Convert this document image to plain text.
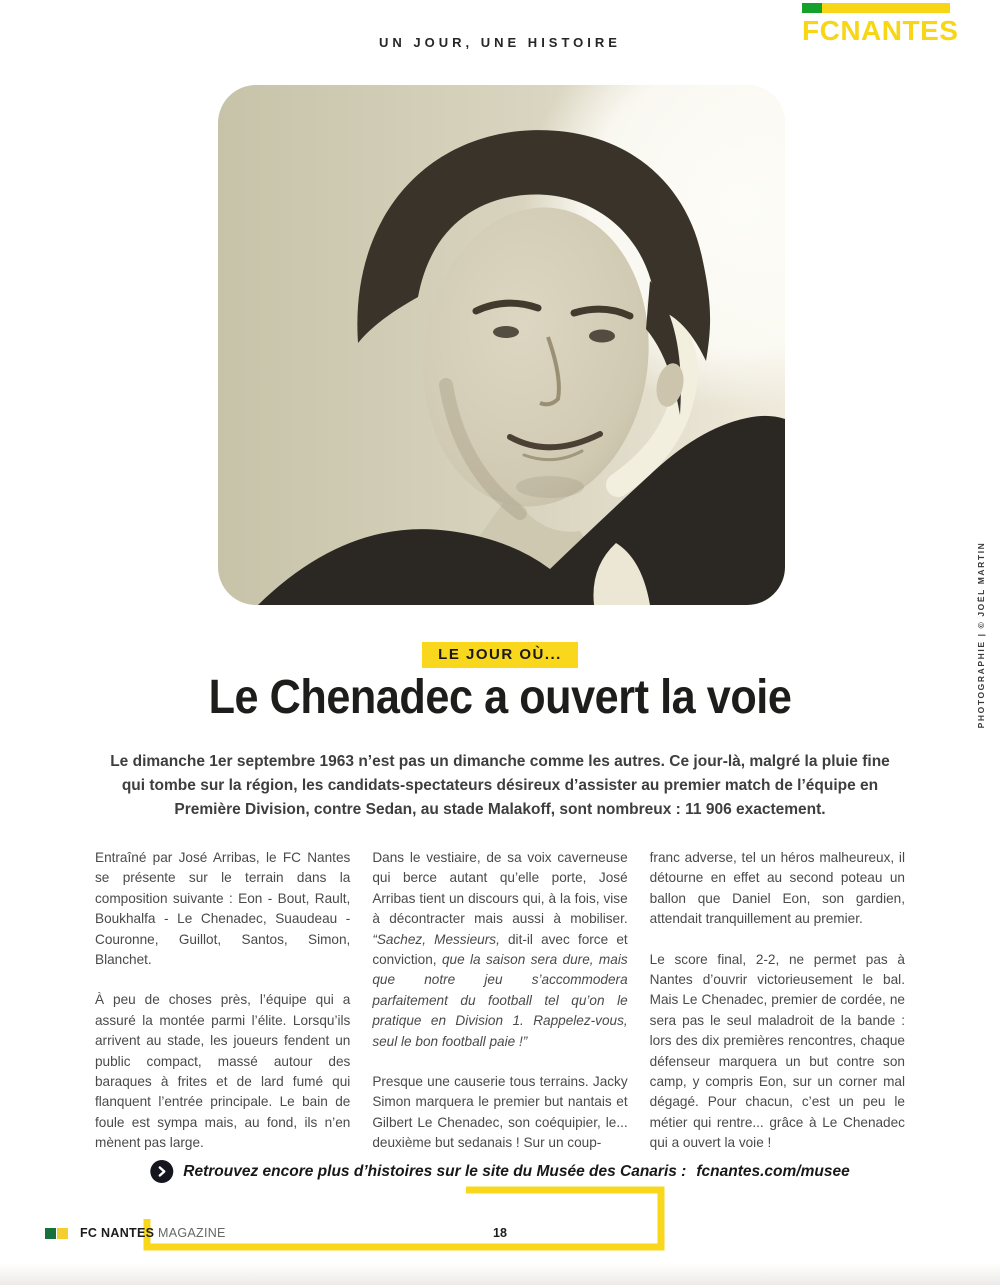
UN JOUR, UNE HISTOIRE	FCNANTES
PHOTOGRAPHIE | © JOËL MARTIN
LE JOUR OÙ...
Le Chenadec a ouvert la voie
Le dimanche 1er septembre 1963 n’est pas un dimanche comme les autres. Ce jour-là, malgré la pluie fine qui tombe sur la région, les candidats-spectateurs désireux d’assister au premier match de l’équipe en Première Division, contre Sedan, au stade Malakoff, sont nombreux : 11 906 exactement.

Entraîné par José Arribas, le FC Nantes se présente sur le terrain dans la composition suivante : Eon - Bout, Rault, Boukhalfa - Le Chenadec, Suaudeau - Couronne, Guillot, Santos, Simon, Blanchet.

À peu de choses près, l’équipe qui a assuré la montée parmi l’élite. Lorsqu’ils arrivent au stade, les joueurs fendent un public compact, massé autour des baraques à frites et de lard fumé qui flanquent l’entrée principale. Le bain de foule est sympa mais, au fond, ils n’en mènent pas large.

Dans le vestiaire, de sa voix caverneuse qui berce autant qu’elle porte, José Arribas tient un discours qui, à la fois, vise à décontracter mais aussi à mobiliser. “Sachez, Messieurs, dit-il avec force et conviction, que la saison sera dure, mais que notre jeu s’accommodera parfaitement du football tel qu’on le pratique en Division 1. Rappelez-vous, seul le bon football paie !”

Presque une causerie tous terrains. Jacky Simon marquera le premier but nantais et Gilbert Le Chenadec, son coéquipier, le... deuxième but sedanais ! Sur un coup-

franc adverse, tel un héros malheureux, il détourne en effet au second poteau un ballon que Daniel Eon, son gardien, attendait tranquillement au premier.

Le score final, 2-2, ne permet pas à Nantes d’ouvrir victorieusement le bal. Mais Le Chenadec, premier de cordée, ne sera pas le seul maladroit de la bande : lors des dix premières rencontres, chaque défenseur marquera un but contre son camp, y compris Eon, sur un corner mal dégagé. Pour chacun, c’est un peu le métier qui rentre... grâce à Le Chenadec qui a ouvert la voie !

Retrouvez encore plus d’histoires sur le site du Musée des Canaris : fcnantes.com/musee
FC NANTES MAGAZINE	18
